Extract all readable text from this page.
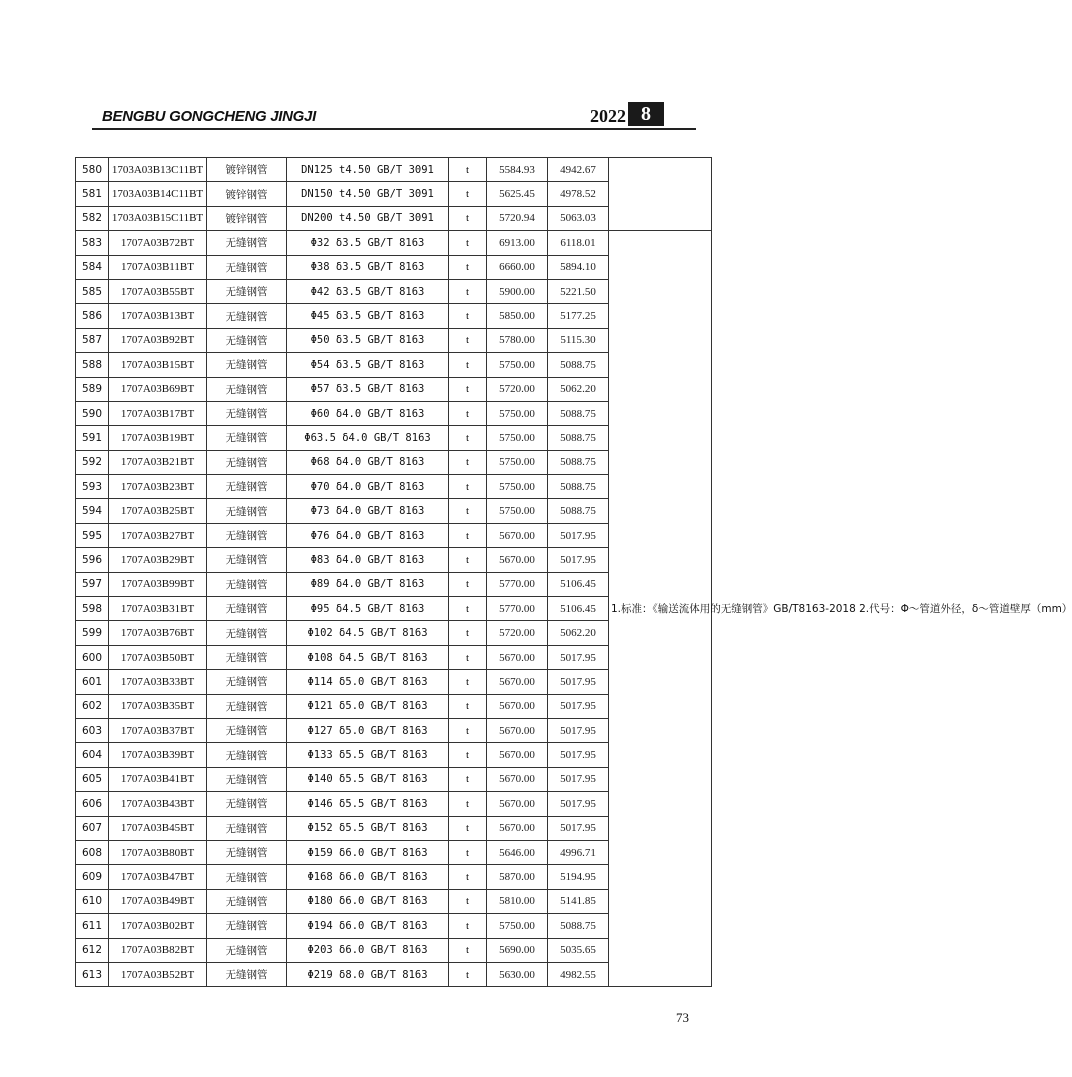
BENGBU GONGCHENG JINGJI	2022 8
580	1703A03B13C11BT	镀锌钢管	DN125 t4.50 GB/T 3091	t	5584.93	4942.67	
581	1703A03B14C11BT	镀锌钢管	DN150 t4.50 GB/T 3091	t	5625.45	4978.52	
582	1703A03B15C11BT	镀锌钢管	DN200 t4.50 GB/T 3091	t	5720.94	5063.03	
583	1707A03B72BT	无缝钢管	Φ32 δ3.5 GB/T 8163	t	6913.00	6118.01	1.标准：《输送流体用的无缝钢管》GB/T8163-2018 2.代号：Φ～管道外径，δ～管道壁厚（mm）
584	1707A03B11BT	无缝钢管	Φ38 δ3.5 GB/T 8163	t	6660.00	5894.10	
585	1707A03B55BT	无缝钢管	Φ42 δ3.5 GB/T 8163	t	5900.00	5221.50	
586	1707A03B13BT	无缝钢管	Φ45 δ3.5 GB/T 8163	t	5850.00	5177.25	
587	1707A03B92BT	无缝钢管	Φ50 δ3.5 GB/T 8163	t	5780.00	5115.30	
588	1707A03B15BT	无缝钢管	Φ54 δ3.5 GB/T 8163	t	5750.00	5088.75	
589	1707A03B69BT	无缝钢管	Φ57 δ3.5 GB/T 8163	t	5720.00	5062.20	
590	1707A03B17BT	无缝钢管	Φ60 δ4.0 GB/T 8163	t	5750.00	5088.75	
591	1707A03B19BT	无缝钢管	Φ63.5 δ4.0 GB/T 8163	t	5750.00	5088.75	
592	1707A03B21BT	无缝钢管	Φ68 δ4.0 GB/T 8163	t	5750.00	5088.75	
593	1707A03B23BT	无缝钢管	Φ70 δ4.0 GB/T 8163	t	5750.00	5088.75	
594	1707A03B25BT	无缝钢管	Φ73 δ4.0 GB/T 8163	t	5750.00	5088.75	
595	1707A03B27BT	无缝钢管	Φ76 δ4.0 GB/T 8163	t	5670.00	5017.95	
596	1707A03B29BT	无缝钢管	Φ83 δ4.0 GB/T 8163	t	5670.00	5017.95	
597	1707A03B99BT	无缝钢管	Φ89 δ4.0 GB/T 8163	t	5770.00	5106.45	
598	1707A03B31BT	无缝钢管	Φ95 δ4.5 GB/T 8163	t	5770.00	5106.45	
599	1707A03B76BT	无缝钢管	Φ102 δ4.5 GB/T 8163	t	5720.00	5062.20	
600	1707A03B50BT	无缝钢管	Φ108 δ4.5 GB/T 8163	t	5670.00	5017.95	
601	1707A03B33BT	无缝钢管	Φ114 δ5.0 GB/T 8163	t	5670.00	5017.95	
602	1707A03B35BT	无缝钢管	Φ121 δ5.0 GB/T 8163	t	5670.00	5017.95	
603	1707A03B37BT	无缝钢管	Φ127 δ5.0 GB/T 8163	t	5670.00	5017.95	
604	1707A03B39BT	无缝钢管	Φ133 δ5.5 GB/T 8163	t	5670.00	5017.95	
605	1707A03B41BT	无缝钢管	Φ140 δ5.5 GB/T 8163	t	5670.00	5017.95	
606	1707A03B43BT	无缝钢管	Φ146 δ5.5 GB/T 8163	t	5670.00	5017.95	
607	1707A03B45BT	无缝钢管	Φ152 δ5.5 GB/T 8163	t	5670.00	5017.95	
608	1707A03B80BT	无缝钢管	Φ159 δ6.0 GB/T 8163	t	5646.00	4996.71	
609	1707A03B47BT	无缝钢管	Φ168 δ6.0 GB/T 8163	t	5870.00	5194.95	
610	1707A03B49BT	无缝钢管	Φ180 δ6.0 GB/T 8163	t	5810.00	5141.85	
611	1707A03B02BT	无缝钢管	Φ194 δ6.0 GB/T 8163	t	5750.00	5088.75	
612	1707A03B82BT	无缝钢管	Φ203 δ6.0 GB/T 8163	t	5690.00	5035.65	
613	1707A03B52BT	无缝钢管	Φ219 δ8.0 GB/T 8163	t	5630.00	4982.55	
73
